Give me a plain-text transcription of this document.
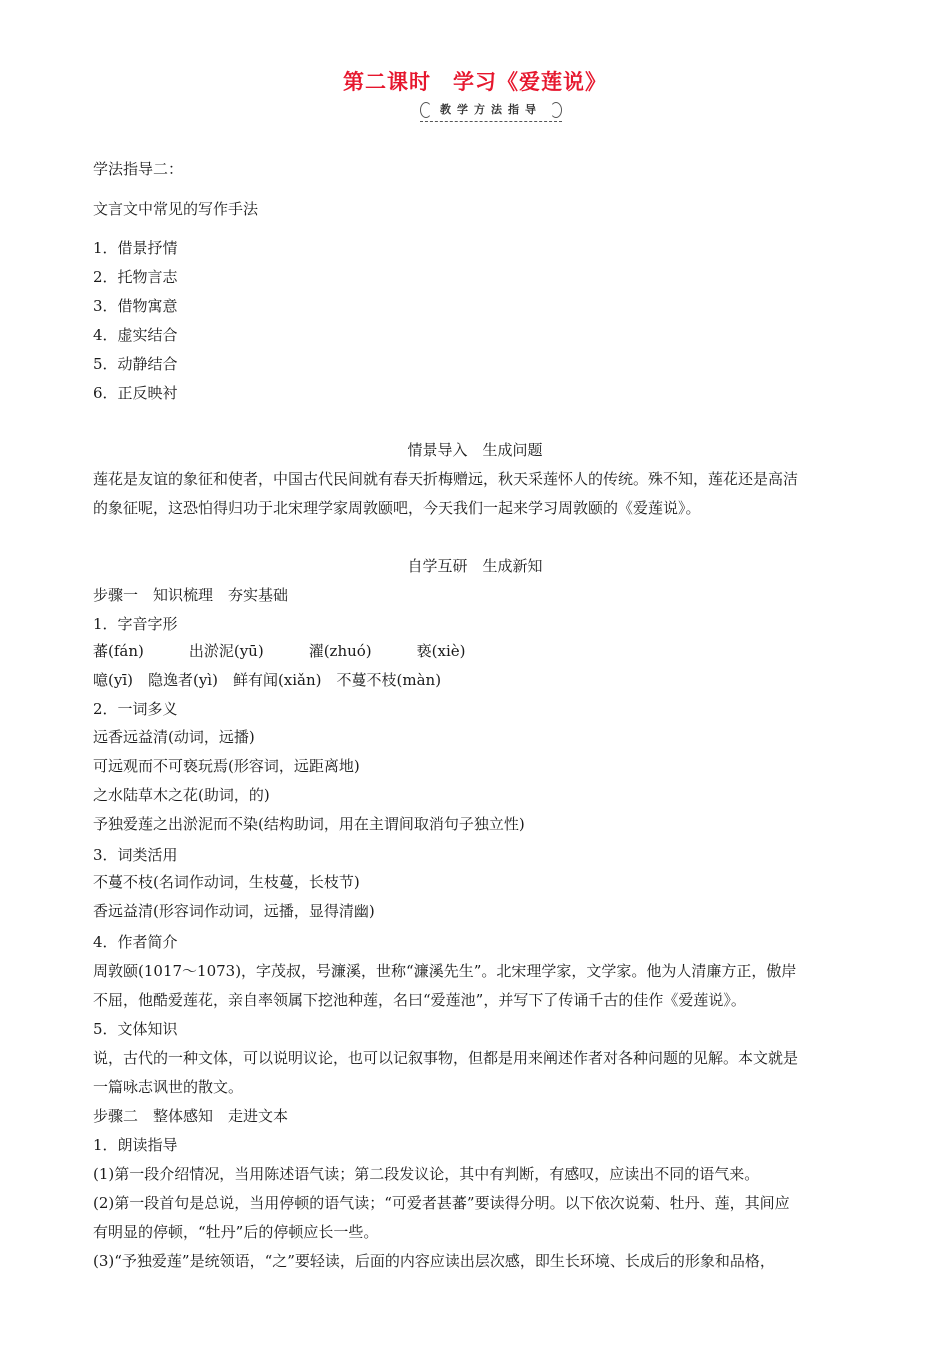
第二课时　学习《爱莲说》
教学方法指导
学法指导二：
文言文中常见的写作手法
1．借景抒情
2．托物言志
3．借物寓意
4．虚实结合
5．动静结合
6．正反映衬
情景导入　生成问题
莲花是友谊的象征和使者，中国古代民间就有春天折梅赠远，秋天采莲怀人的传统。殊不知，莲花还是高洁
的象征呢，这恐怕得归功于北宋理学家周敦颐吧，今天我们一起来学习周敦颐的《爱莲说》。
自学互研　生成新知
步骤一　知识梳理　夯实基础
1．字音字形
蕃(fán)　　　出淤泥(yū)　　　濯(zhuó)　　　亵(xiè)
噫(yī)　隐逸者(yì)　鲜有闻(xiǎn)　不蔓不枝(màn)
2．一词多义
远香远益清(动词，远播)
可远观而不可亵玩焉(形容词，远距离地)
之水陆草木之花(助词，的)
予独爱莲之出淤泥而不染(结构助词，用在主谓间取消句子独立性)
3．词类活用
不蔓不枝(名词作动词，生枝蔓，长枝节)
香远益清(形容词作动词，远播，显得清幽)
4．作者简介
周敦颐(1017～1073)，字茂叔，号濂溪，世称“濂溪先生”。北宋理学家，文学家。他为人清廉方正，傲岸
不屈，他酷爱莲花，亲自率领属下挖池种莲，名曰“爱莲池”，并写下了传诵千古的佳作《爱莲说》。
5．文体知识
说，古代的一种文体，可以说明议论，也可以记叙事物，但都是用来阐述作者对各种问题的见解。本文就是
一篇咏志讽世的散文。
步骤二　整体感知　走进文本
1．朗读指导
(1)第一段介绍情况，当用陈述语气读；第二段发议论，其中有判断，有感叹，应读出不同的语气来。
(2)第一段首句是总说，当用停顿的语气读；“可爱者甚蕃”要读得分明。以下依次说菊、牡丹、莲，其间应
有明显的停顿，“牡丹”后的停顿应长一些。
(3)“予独爱莲”是统领语，“之”要轻读，后面的内容应读出层次感，即生长环境、长成后的形象和品格，
